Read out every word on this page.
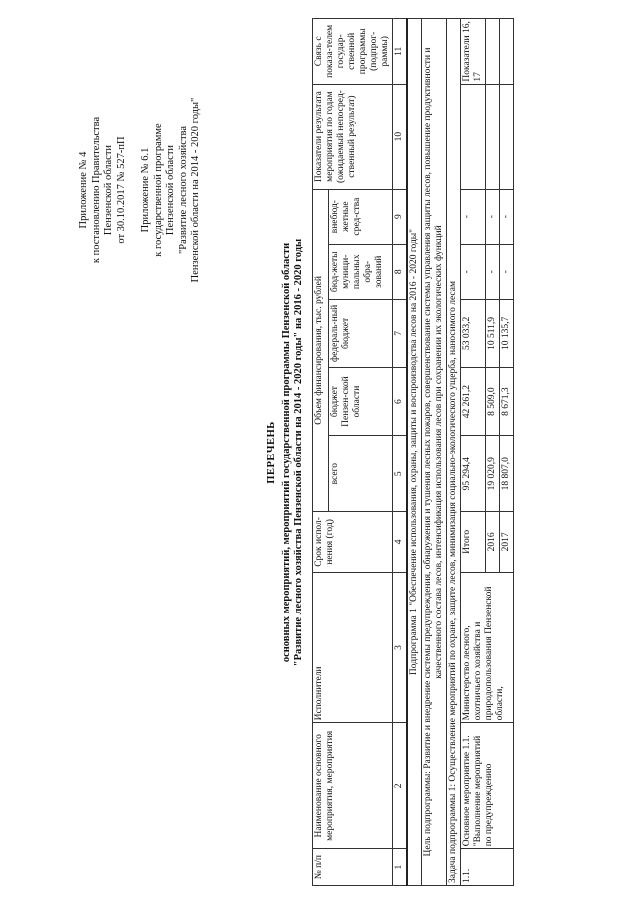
Приложение № 4 к постановлению Правительства Пензенской области от 30.10.2017 № 527-пП Приложение № 6.1 к государственной программе Пензенской области "Развитие лесного хозяйства Пензенской области на 2014 - 2020 годы"
ПЕРЕЧЕНЬ основных мероприятий, мероприятий государственной программы Пензенской области "Развитие лесного хозяйства Пензенской области на 2014 - 2020 годы" на 2016 - 2020 годы
№ п/п	Наименование основного мероприятия, мероприятия	Исполнители	Срок испол-нения (год)	Объем финансирования, тыс. рублей					Показатели результата мероприятия по годам (ожидаемый непосред-ственный результат)	Связь с показа-телем государ-ственной программы (подпрог-раммы)
				всего	бюджет Пензен-ской области	федераль-ный бюджет	бюд-жеты муници-пальных обра-зований	внебюд-жетные сред-ства		
1	2	3	4	5	6	7	8	9	10	11
Подпрограмма 1 "Обеспечение использования, охраны, защиты и воспроизводства лесов на 2016 - 2020 годы"										
Цель подпрограммы: Развитие и внедрение системы предупреждения, обнаружения и тушения лесных пожаров, совершенствование системы управления защиты лесов, повышение продуктивности и качественного состава лесов, интенсификация использования лесов при сохранении их экологических функций										
Задача подпрограммы 1: Осуществление мероприятий по охране, защите лесов, минимизация социально-экологического ущерба, наносимого лесам										
1.1.	Основное мероприятие 1.1. "Выполнение мероприятий по предупреждению	Министерство лесного, охотничьего хозяйства и природопользования Пензенской области,	Итого	95 294,4	42 261,2	53 033,2	-	-		Показатели 16, 17
			2016	19 020,9	8 509,0	10 511,9	-	-		
			2017	18 807,0	8 671,3	10 135,7	-	-		
